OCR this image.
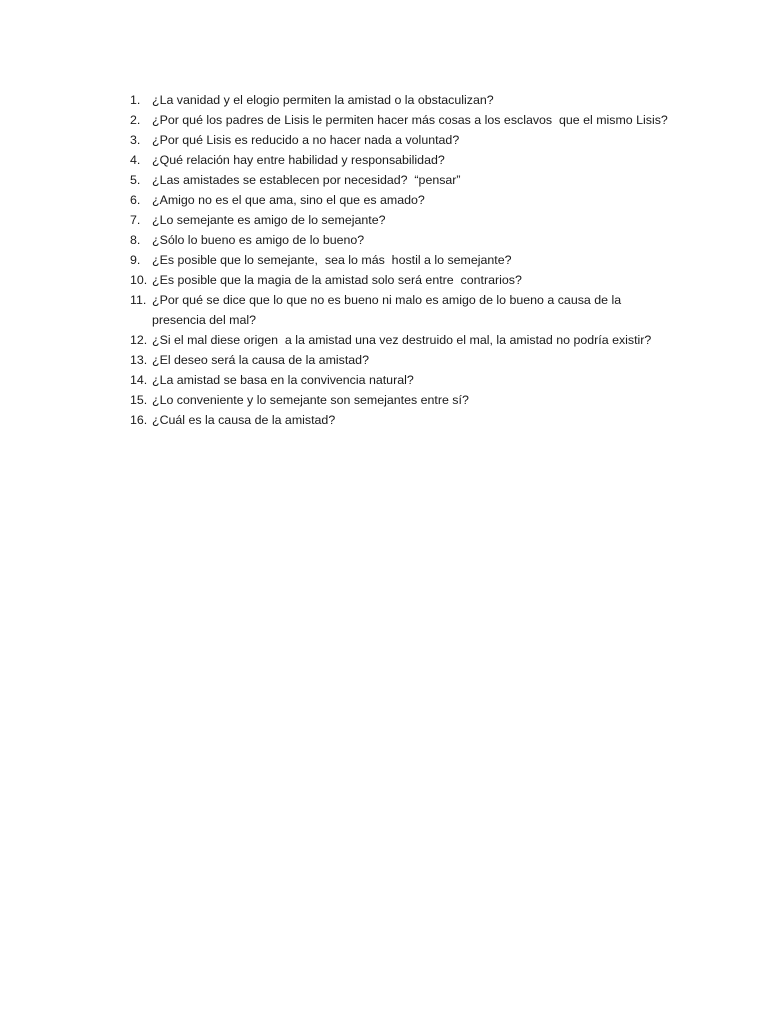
1. ¿La vanidad y el elogio permiten la amistad o la obstaculizan?
2. ¿Por qué los padres de Lisis le permiten hacer más cosas a los esclavos  que el mismo Lisis?
3. ¿Por qué Lisis es reducido a no hacer nada a voluntad?
4. ¿Qué relación hay entre habilidad y responsabilidad?
5. ¿Las amistades se establecen por necesidad?  “pensar”
6. ¿Amigo no es el que ama, sino el que es amado?
7. ¿Lo semejante es amigo de lo semejante?
8. ¿Sólo lo bueno es amigo de lo bueno?
9. ¿Es posible que lo semejante,  sea lo más  hostil a lo semejante?
10. ¿Es posible que la magia de la amistad solo será entre  contrarios?
11. ¿Por qué se dice que lo que no es bueno ni malo es amigo de lo bueno a causa de la presencia del mal?
12. ¿Si el mal diese origen  a la amistad una vez destruido el mal, la amistad no podría existir?
13. ¿El deseo será la causa de la amistad?
14. ¿La amistad se basa en la convivencia natural?
15. ¿Lo conveniente y lo semejante son semejantes entre sí?
16. ¿Cuál es la causa de la amistad?
